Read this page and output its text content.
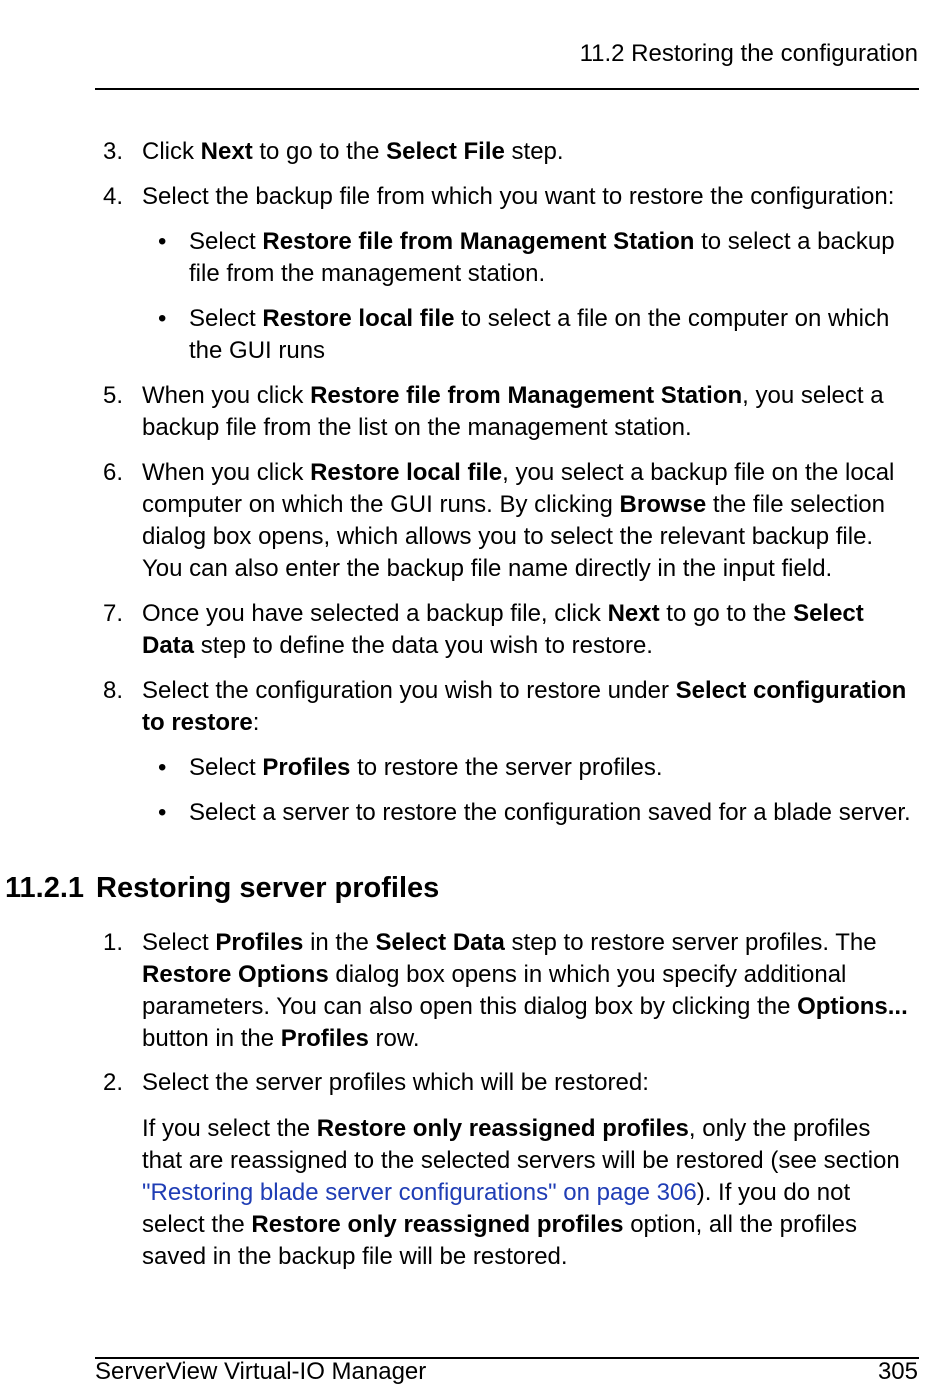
11.2 Restoring the configuration
3. Click Next to go to the Select File step.
4. Select the backup file from which you want to restore the configuration:
• Select Restore file from Management Station to select a backup
file from the management station.
• Select Restore local file to select a file on the computer on which
the GUI runs
5. When you click Restore file from Management Station, you select a
backup file from the list on the management station.
6. When you click Restore local file, you select a backup file on the local
computer on which the GUI runs. By clicking Browse the file selection
dialog box opens, which allows you to select the relevant backup file.
You can also enter the backup file name directly in the input field.
7. Once you have selected a backup file, click Next to go to the Select
Data step to define the data you wish to restore.
8. Select the configuration you wish to restore under Select configuration
to restore:
• Select Profiles to restore the server profiles.
• Select a server to restore the configuration saved for a blade server.
1. Select Profiles in the Select Data step to restore server profiles. The
Restore Options dialog box opens in which you specify additional
parameters. You can also open this dialog box by clicking the Options...
button in the Profiles row.
2. Select the server profiles which will be restored:
If you select the Restore only reassigned profiles, only the profiles
that are reassigned to the selected servers will be restored (see section
"Restoring blade server configurations" on page 306). If you do not
select the Restore only reassigned profiles option, all the profiles
saved in the backup file will be restored.
11.2.1 Restoring server profiles
ServerView Virtual-IO Manager	305
